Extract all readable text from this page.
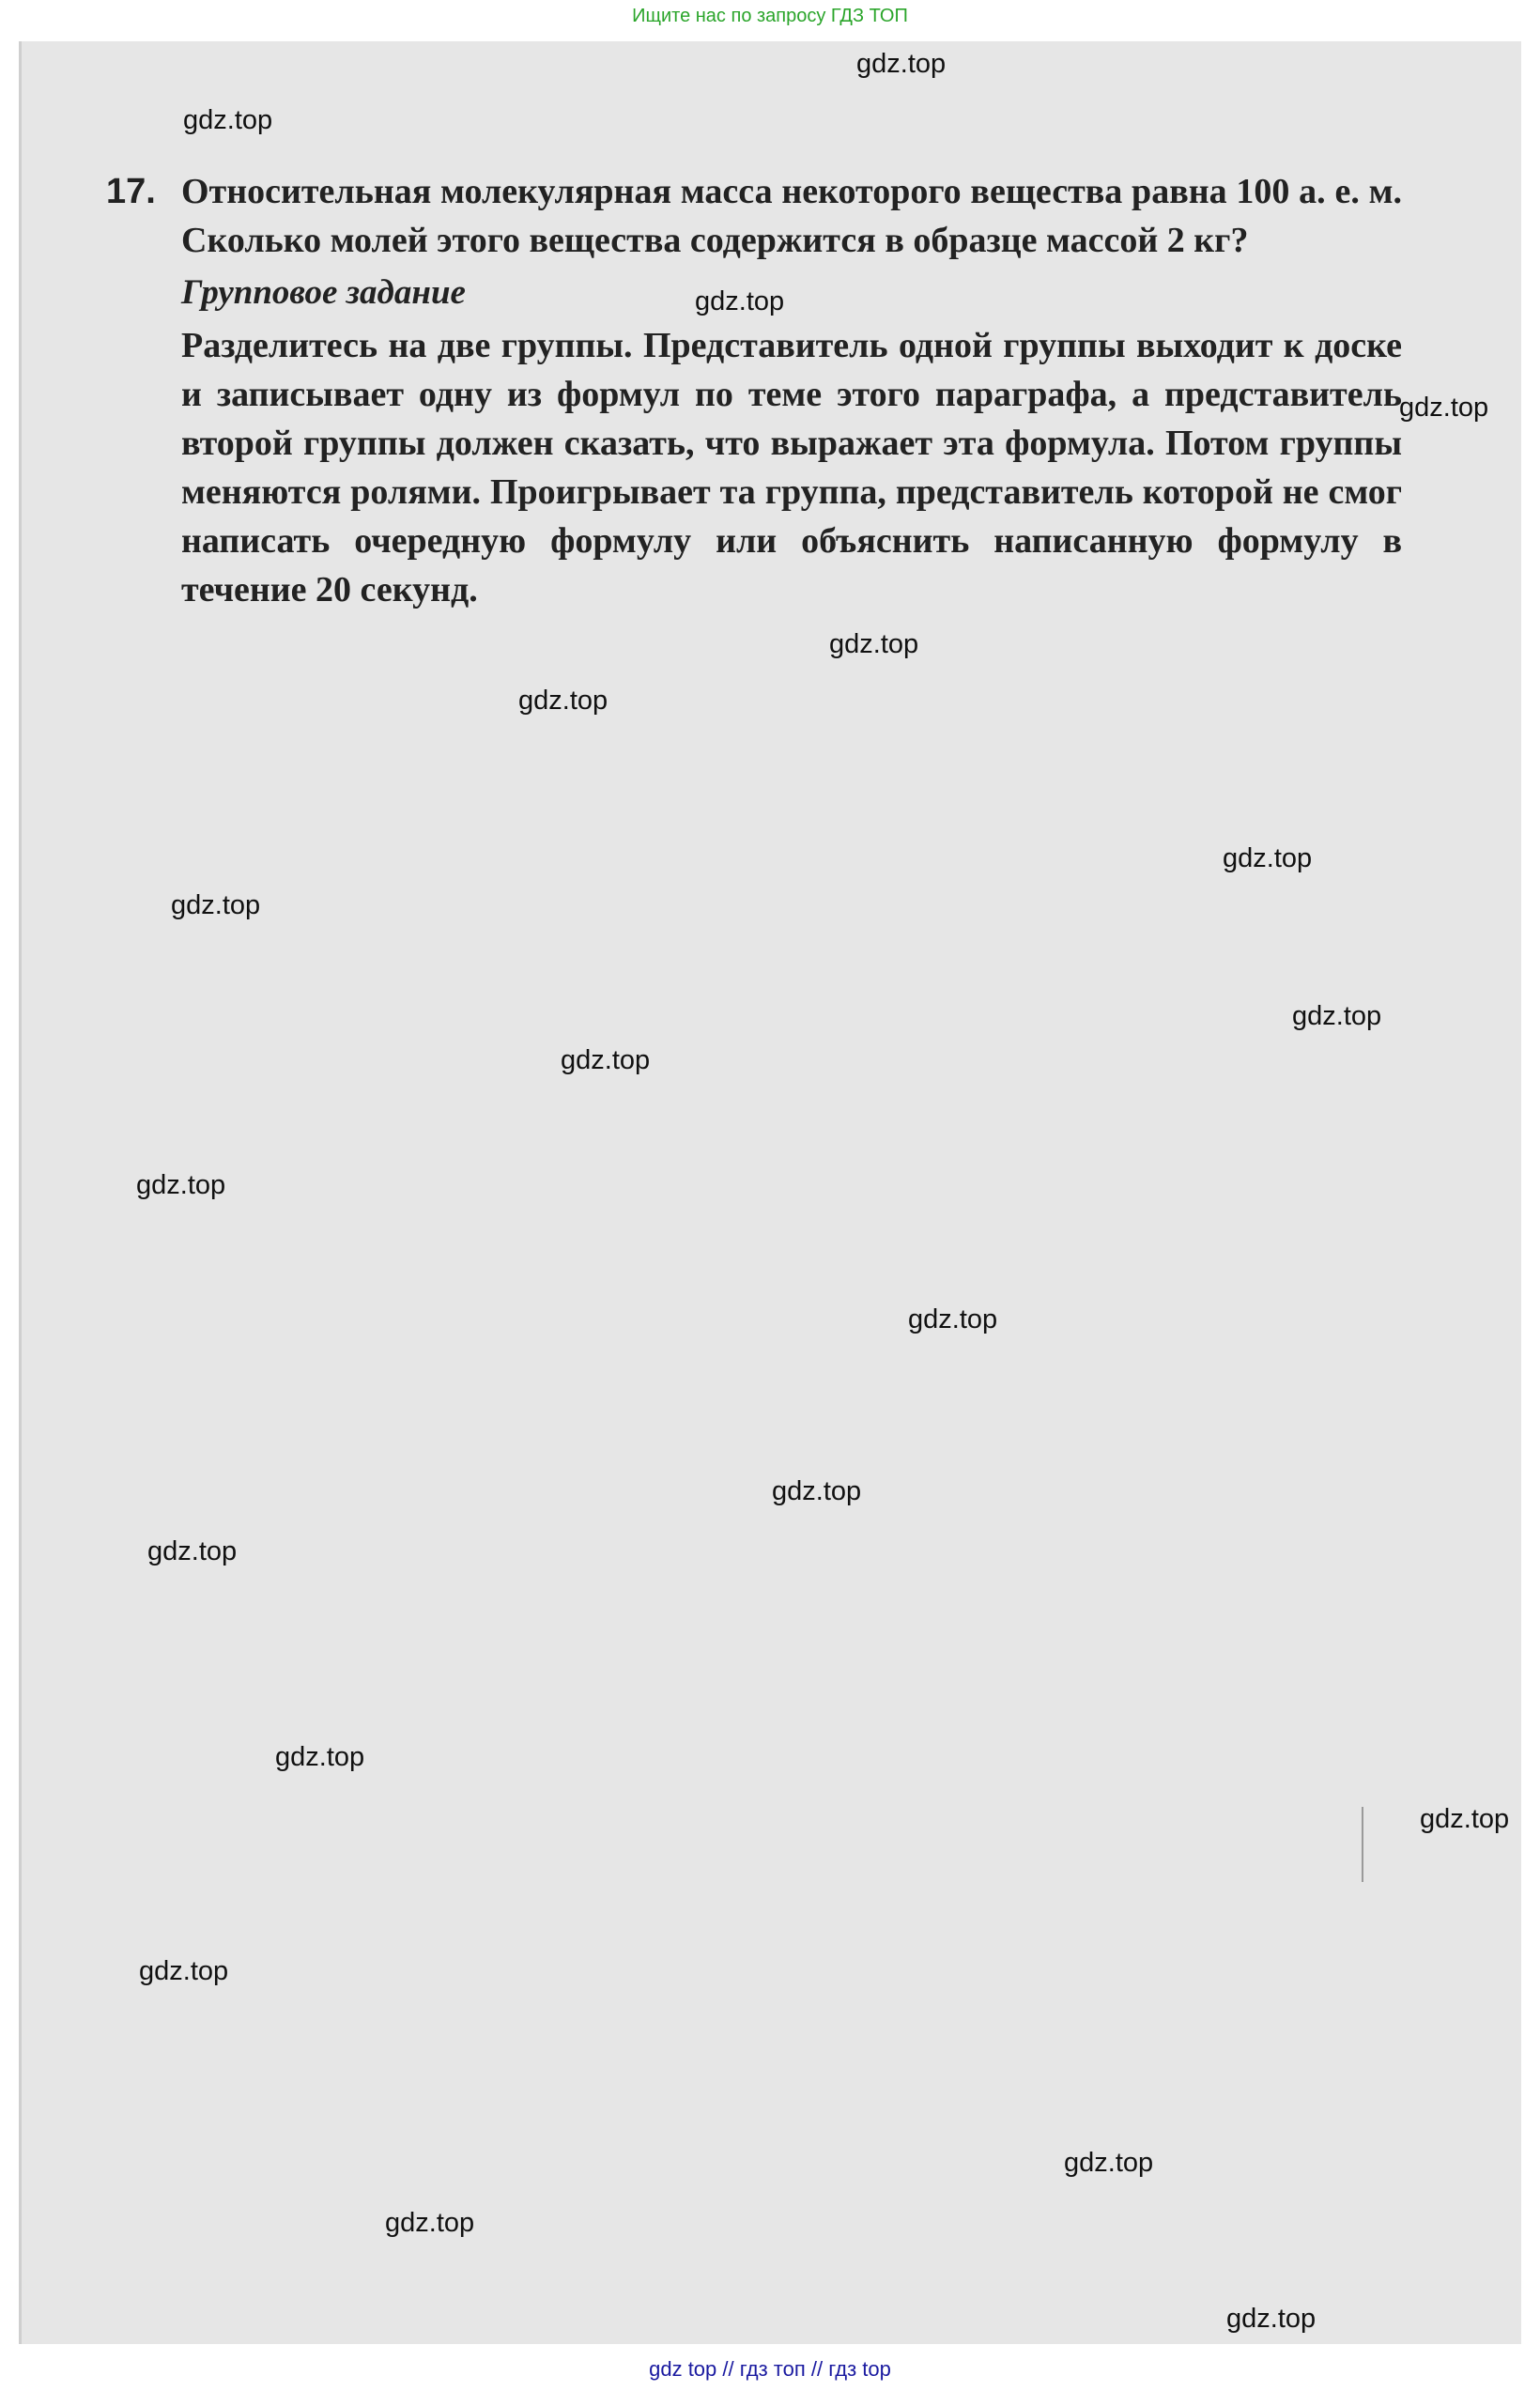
Ищите нас по запросу ГДЗ ТОП
17. Относительная молекулярная масса некоторого вещества равна 100 а. е. м. Сколько молей этого вещества содержится в образце массой 2 кг?
Групповое задание
Разделитесь на две группы. Представитель одной группы выходит к доске и записывает одну из формул по теме этого параграфа, а представитель второй группы должен сказать, что выражает эта формула. Потом группы меняются ролями. Проигрывает та группа, представитель которой не смог написать очередную формулу или объяснить написанную формулу в течение 20 секунд.
gdz.top
gdz.top
gdz.top
gdz.top
gdz.top
gdz.top
gdz.top
gdz.top
gdz.top
gdz.top
gdz.top
gdz.top
gdz.top
gdz.top
gdz.top
gdz.top
gdz.top
gdz.top
gdz.top
gdz.top
gdz top // гдз топ // гдз top
